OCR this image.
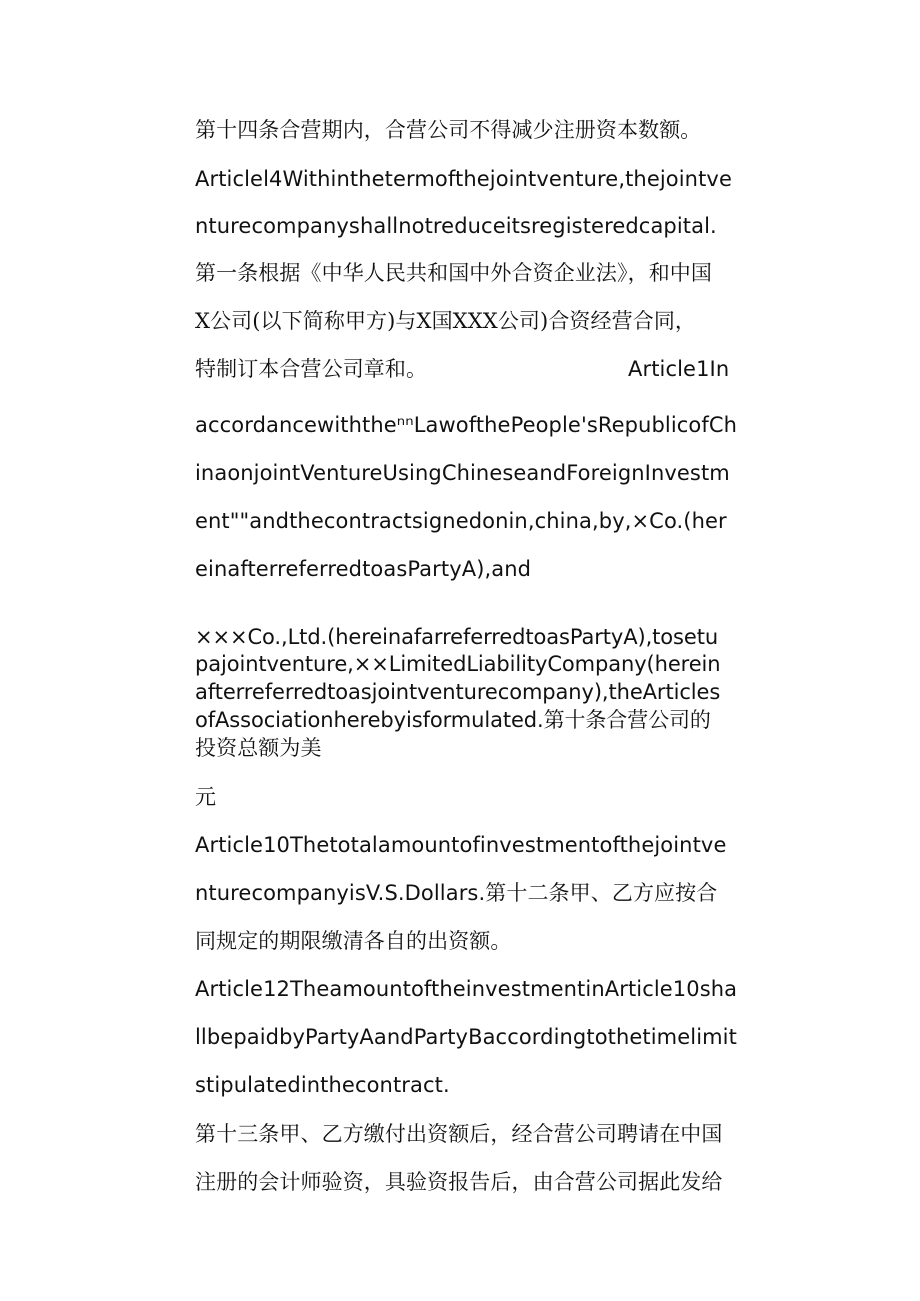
第十四条合营期内，合营公司不得减少注册资本数额。
Articlel4Withinthetermofthejointventure,thejointve
nturecompanyshallnotreduceitsregisteredcapital.
第一条根据《中华人民共和国中外合资企业法》，和中国
X公司(以下简称甲方)与X国XXX公司)合资经营合同，
特制订本合营公司章和。	Article1In
accordancewiththeⁿⁿLawofthePeople'sRepublicofCh
inaonjointVentureUsingChineseandForeignInvestm
ent""andthecontractsignedonin,china,by,×Co.(her
einafterreferredtoasPartyA),and
×××Co.,Ltd.(hereinafarreferredtoasPartyA),tosetu
pajointventure,××LimitedLiabilityCompany(herein
afterreferredtoasjointventurecompany),theArticles
ofAssociationherebyisformulated.第十条合营公司的
投资总额为美
元
Article10Thetotalamountofinvestmentofthejointve
nturecompanyisV.S.Dollars.第十二条甲、乙方应按合
同规定的期限缴清各自的出资额。
Article12TheamountoftheinvestmentinArticle10sha
llbepaidbyPartyAandPartyBaccordingtothetimelimit
stipulatedinthecontract.
第十三条甲、乙方缴付出资额后，经合营公司聘请在中国
注册的会计师验资，具验资报告后，由合营公司据此发给
